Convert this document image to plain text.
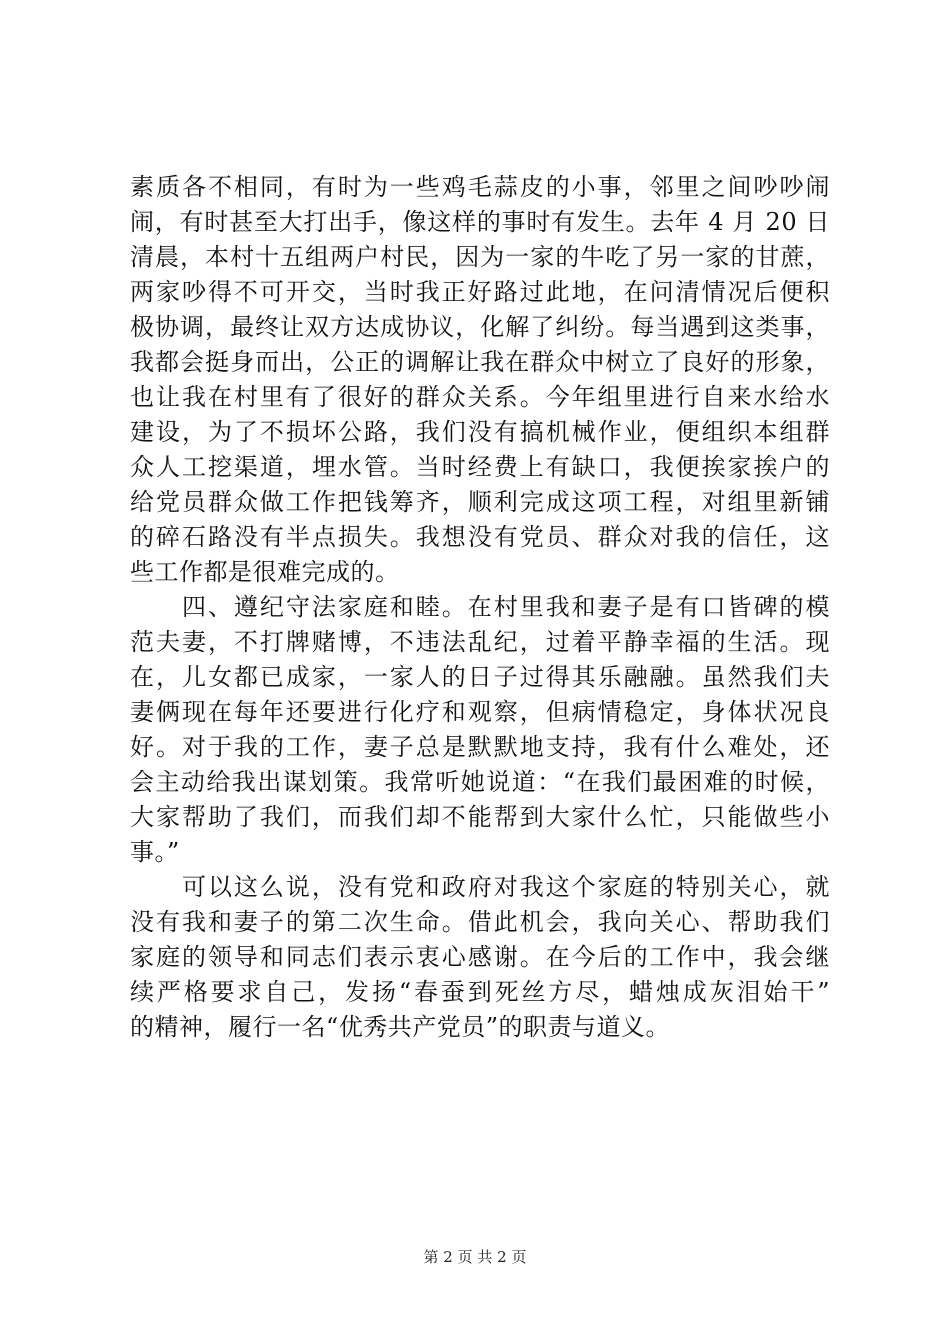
素质各不相同，有时为一些鸡毛蒜皮的小事，邻里之间吵吵闹
闹，有时甚至大打出手，像这样的事时有发生。去年 4 月 20 日
清晨，本村十五组两户村民，因为一家的牛吃了另一家的甘蔗，
两家吵得不可开交，当时我正好路过此地，在问清情况后便积
极协调，最终让双方达成协议，化解了纠纷。每当遇到这类事，
我都会挺身而出，公正的调解让我在群众中树立了良好的形象，
也让我在村里有了很好的群众关系。今年组里进行自来水给水
建设，为了不损坏公路，我们没有搞机械作业，便组织本组群
众人工挖渠道，埋水管。当时经费上有缺口，我便挨家挨户的
给党员群众做工作把钱筹齐，顺利完成这项工程，对组里新铺
的碎石路没有半点损失。我想没有党员、群众对我的信任，这
些工作都是很难完成的。
　　四、遵纪守法家庭和睦。在村里我和妻子是有口皆碑的模
范夫妻，不打牌赌博，不违法乱纪，过着平静幸福的生活。现
在，儿女都已成家，一家人的日子过得其乐融融。虽然我们夫
妻俩现在每年还要进行化疗和观察，但病情稳定，身体状况良
好。对于我的工作，妻子总是默默地支持，我有什么难处，还
会主动给我出谋划策。我常听她说道：“在我们最困难的时候，
大家帮助了我们，而我们却不能帮到大家什么忙，只能做些小
事。”
　　可以这么说，没有党和政府对我这个家庭的特别关心，就
没有我和妻子的第二次生命。借此机会，我向关心、帮助我们
家庭的领导和同志们表示衷心感谢。在今后的工作中，我会继
续严格要求自己，发扬“春蚕到死丝方尽，蜡烛成灰泪始干”
的精神，履行一名“优秀共产党员”的职责与道义。
第 2 页 共 2 页
